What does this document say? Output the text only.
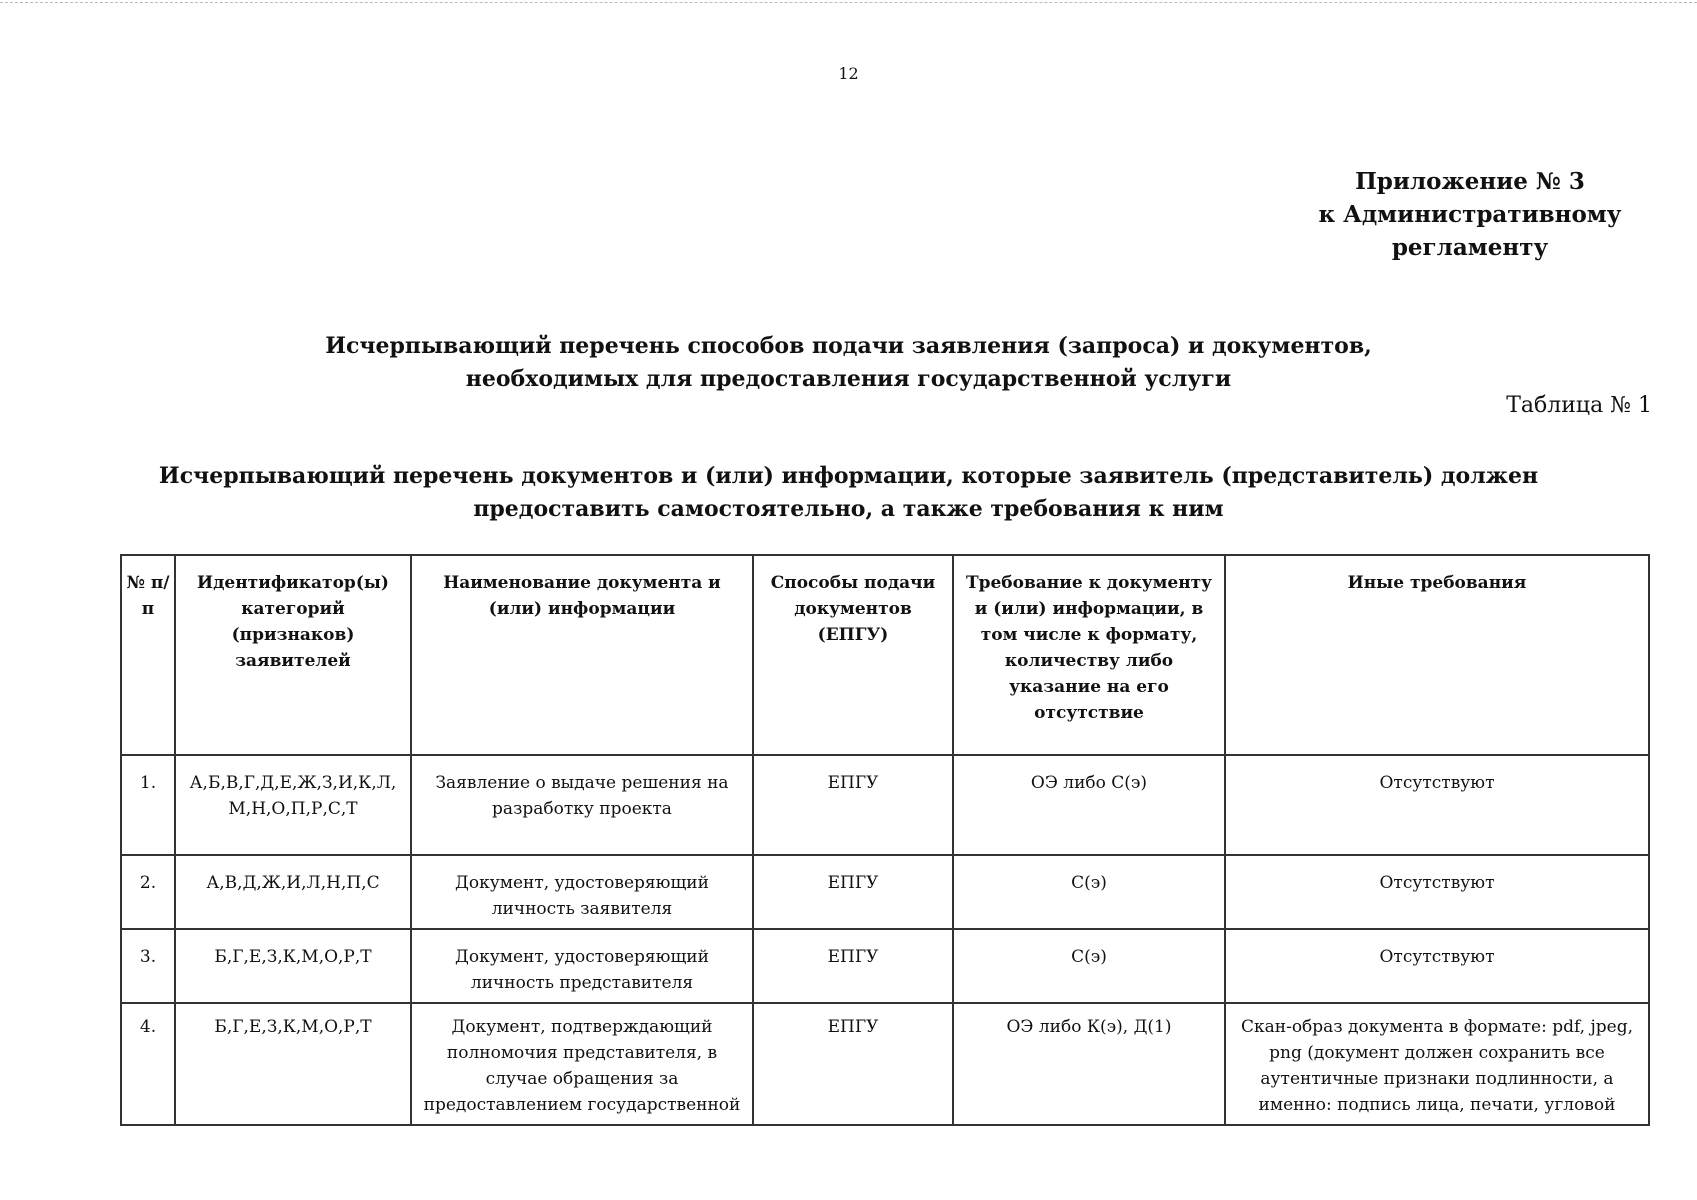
12
Приложение № 3
к Административному
регламенту
Исчерпывающий перечень способов подачи заявления (запроса) и документов,
необходимых для предоставления государственной услуги
Таблица № 1
Исчерпывающий перечень документов и (или) информации, которые заявитель (представитель) должен
предоставить самостоятельно, а также требования к ним
№ п/п	Идентификатор(ы) категорий (признаков) заявителей	Наименование документа и (или) информации	Способы подачи документов (ЕПГУ)	Требование к документу и (или) информации, в том числе к формату, количеству либо указание на его отсутствие	Иные требования
1.	А,Б,В,Г,Д,Е,Ж,З,И,К,Л, М,Н,О,П,Р,С,Т	Заявление о выдаче решения на разработку проекта	ЕПГУ	ОЭ либо С(э)	Отсутствуют
2.	А,В,Д,Ж,И,Л,Н,П,С	Документ, удостоверяющий личность заявителя	ЕПГУ	С(э)	Отсутствуют
3.	Б,Г,Е,З,К,М,О,Р,Т	Документ, удостоверяющий личность представителя	ЕПГУ	С(э)	Отсутствуют
4.	Б,Г,Е,З,К,М,О,Р,Т	Документ, подтверждающий полномочия представителя, в случае обращения за предоставлением государственной	ЕПГУ	ОЭ либо К(э), Д(1)	Скан-образ документа в формате: pdf, jpeg, png (документ должен сохранить все аутентичные признаки подлинности, а именно: подпись лица, печати, угловой
